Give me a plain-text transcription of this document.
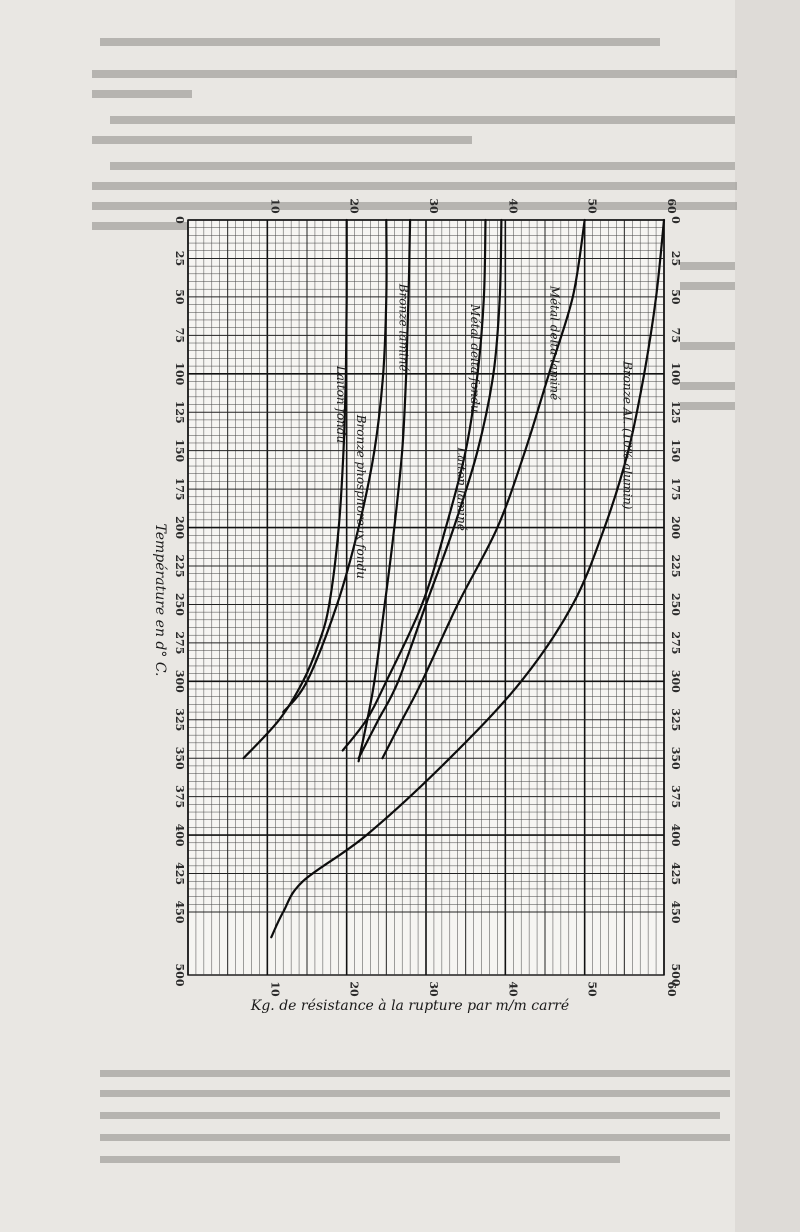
0
25
50
75
100
125
150
175
200
225
250
275
300
325
350
375
400
425
450
500
0
25
50
75
100
125
150
175
200
225
250
275
300
325
350
375
400
425
450
500
10	20	30	40	50	60
10	20	30	40	50	60
Laiton fondu
Bronze phosphoreux fondu
Bronze laminé	Métal delta fondu
Laiton laminé
Métal delta laminé
Bronze Al. (10% alumin)
Température en d° C.
Kg. de résistance à la rupture par m/m carré
